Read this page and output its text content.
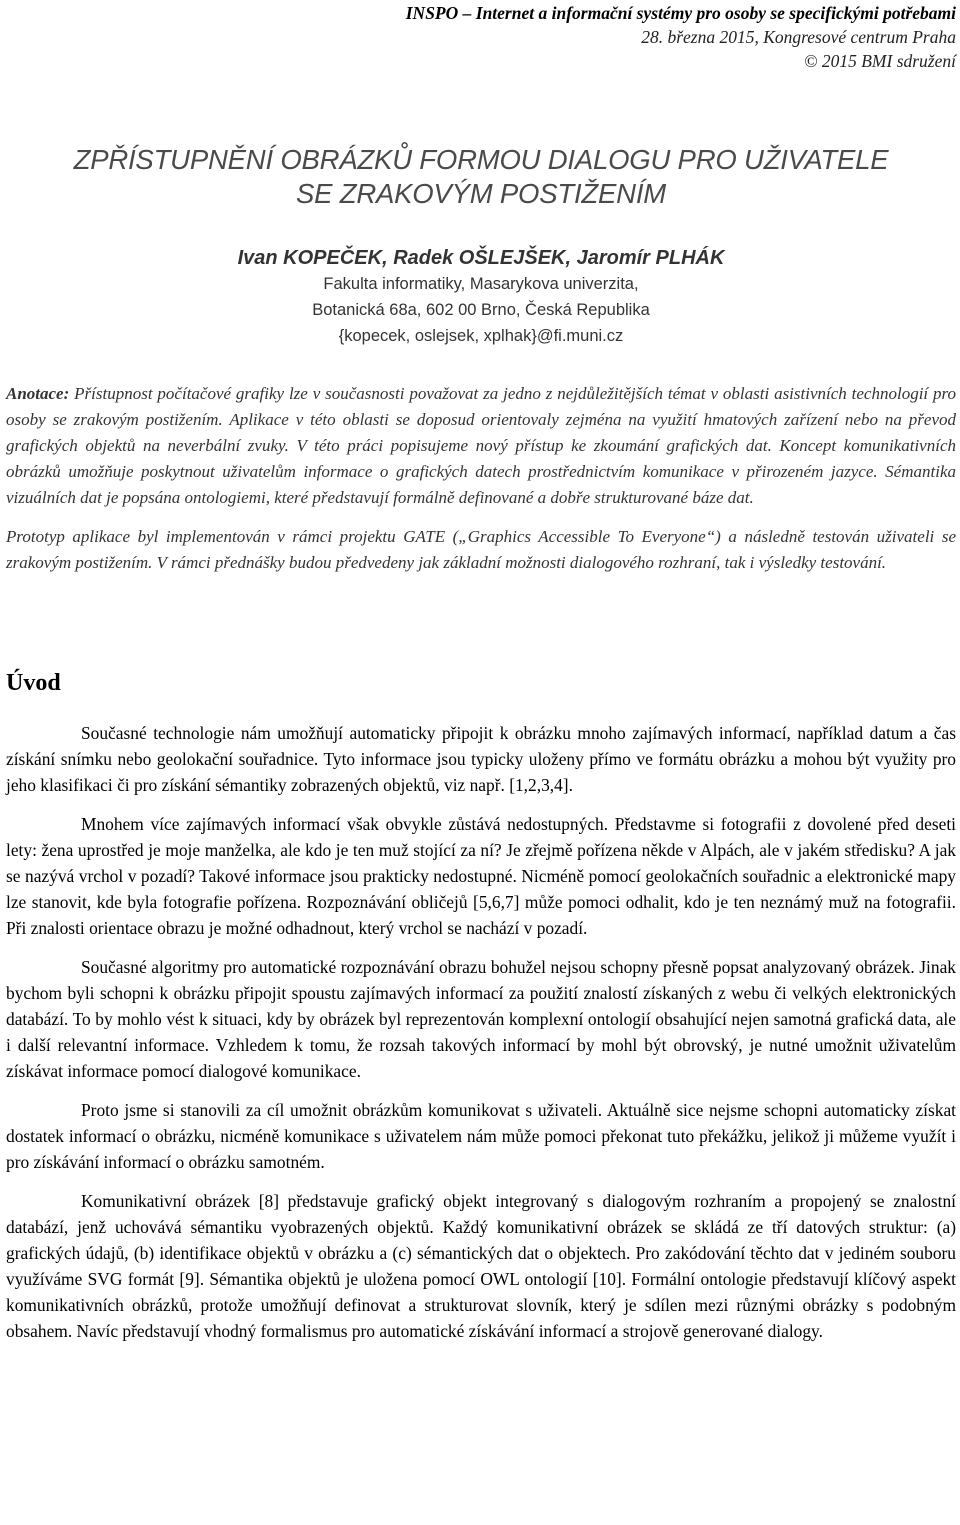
INSPO – Internet a informační systémy pro osoby se specifickými potřebami
28. března 2015, Kongresové centrum Praha
© 2015 BMI sdružení
ZPŘÍSTUPNĚNÍ OBRÁZKŮ FORMOU DIALOGU PRO UŽIVATELE
SE ZRAKOVÝM POSTIŽENÍM
Ivan KOPEČEK, Radek OŠLEJŠEK, Jaromír PLHÁK
Fakulta informatiky, Masarykova univerzita,
Botanická 68a, 602 00 Brno, Česká Republika
{kopecek, oslejsek, xplhak}@fi.muni.cz

Anotace: Přístupnost počítačové grafiky lze v současnosti považovat za jedno z nejdůležitějších témat v oblasti asistivních technologií pro osoby se zrakovým postižením. Aplikace v této oblasti se doposud orientovaly zejména na využití hmatových zařízení nebo na převod grafických objektů na neverbální zvuky. V této práci popisujeme nový přístup ke zkoumání grafických dat. Koncept komunikativních obrázků umožňuje poskytnout uživatelům informace o grafických datech prostřednictvím komunikace v přirozeném jazyce. Sémantika vizuálních dat je popsána ontologiemi, které představují formálně definované a dobře strukturované báze dat.

Prototyp aplikace byl implementován v rámci projektu GATE („Graphics Accessible To Everyone“) a následně testován uživateli se zrakovým postižením. V rámci přednášky budou předvedeny jak základní možnosti dialogového rozhraní, tak i výsledky testování.

Úvod

Současné technologie nám umožňují automaticky připojit k obrázku mnoho zajímavých informací, například datum a čas získání snímku nebo geolokační souřadnice. Tyto informace jsou typicky uloženy přímo ve formátu obrázku a mohou být využity pro jeho klasifikaci či pro získání sémantiky zobrazených objektů, viz např. [1,2,3,4].

Mnohem více zajímavých informací však obvykle zůstává nedostupných. Představme si fotografii z dovolené před deseti lety: žena uprostřed je moje manželka, ale kdo je ten muž stojící za ní? Je zřejmě pořízena někde v Alpách, ale v jakém středisku? A jak se nazývá vrchol v pozadí? Takové informace jsou prakticky nedostupné. Nicméně pomocí geolokačních souřadnic a elektronické mapy lze stanovit, kde byla fotografie pořízena. Rozpoznávání obličejů [5,6,7] může pomoci odhalit, kdo je ten neznámý muž na fotografii. Při znalosti orientace obrazu je možné odhadnout, který vrchol se nachází v pozadí.

Současné algoritmy pro automatické rozpoznávání obrazu bohužel nejsou schopny přesně popsat analyzovaný obrázek. Jinak bychom byli schopni k obrázku připojit spoustu zajímavých informací za použití znalostí získaných z webu či velkých elektronických databází. To by mohlo vést k situaci, kdy by obrázek byl reprezentován komplexní ontologií obsahující nejen samotná grafická data, ale i další relevantní informace. Vzhledem k tomu, že rozsah takových informací by mohl být obrovský, je nutné umožnit uživatelům získávat informace pomocí dialogové komunikace.

Proto jsme si stanovili za cíl umožnit obrázkům komunikovat s uživateli. Aktuálně sice nejsme schopni automaticky získat dostatek informací o obrázku, nicméně komunikace s uživatelem nám může pomoci překonat tuto překážku, jelikož ji můžeme využít i pro získávání informací o obrázku samotném.

Komunikativní obrázek [8] představuje grafický objekt integrovaný s dialogovým rozhraním a propojený se znalostní databází, jenž uchovává sémantiku vyobrazených objektů. Každý komunikativní obrázek se skládá ze tří datových struktur: (a) grafických údajů, (b) identifikace objektů v obrázku a (c) sémantických dat o objektech. Pro zakódování těchto dat v jediném souboru využíváme SVG formát [9]. Sémantika objektů je uložena pomocí OWL ontologií [10]. Formální ontologie představují klíčový aspekt komunikativních obrázků, protože umožňují definovat a strukturovat slovník, který je sdílen mezi různými obrázky s podobným obsahem. Navíc představují vhodný formalismus pro automatické získávání informací a strojově generované dialogy.
